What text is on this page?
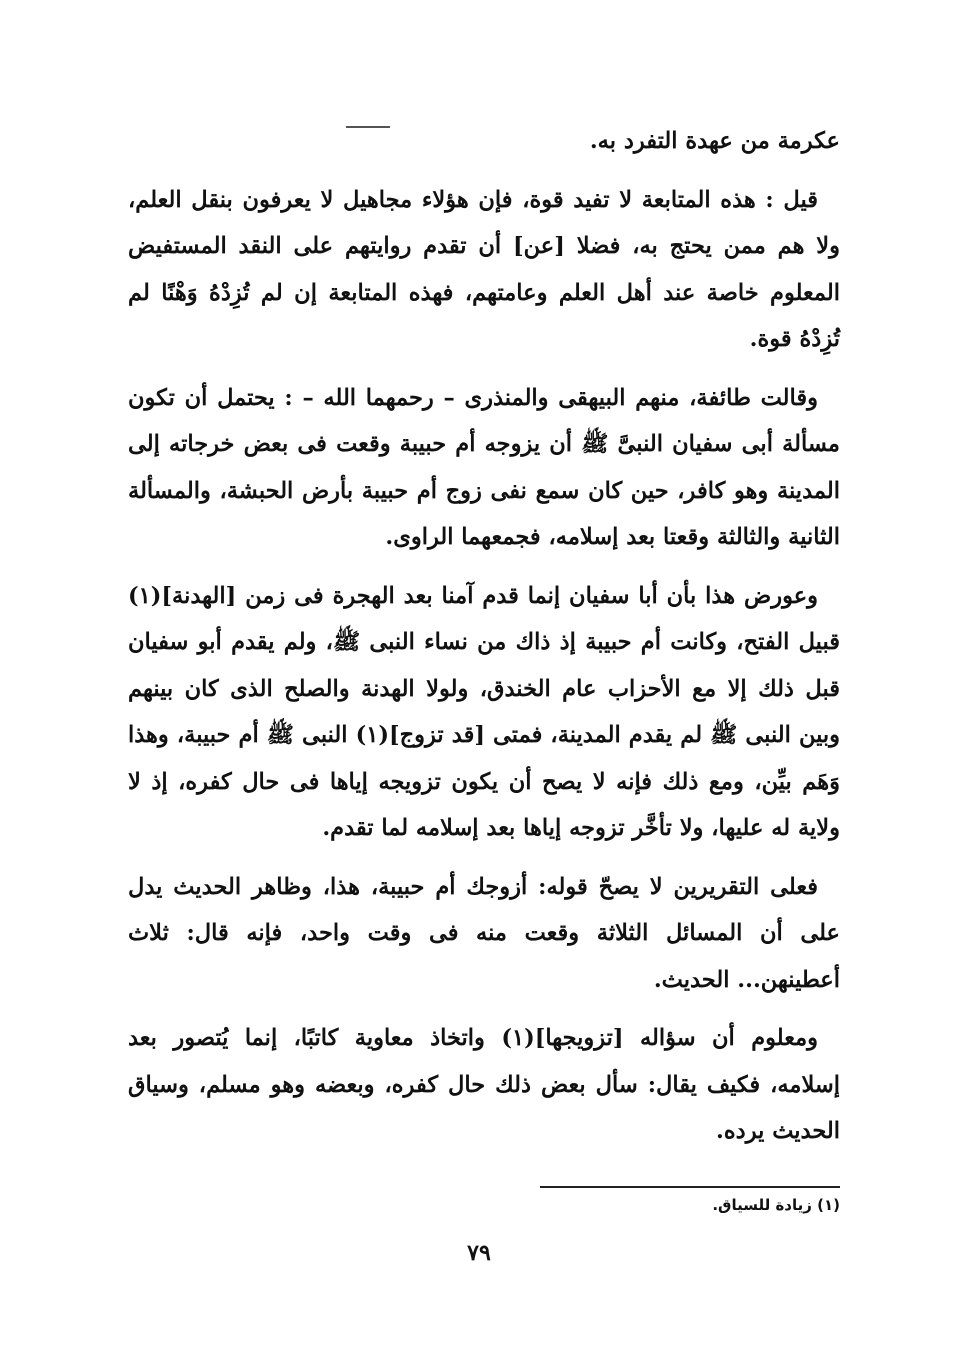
عكرمة من عهدة التفرد به.

قيل : هذه المتابعة لا تفيد قوة، فإن هؤلاء مجاهيل لا يعرفون بنقل العلم، ولا هم ممن يحتج به، فضلا [عن] أن تقدم روايتهم على النقد المستفيض المعلوم خاصة عند أهل العلم وعامتهم، فهذه المتابعة إن لم تُزِدْهُ وَهْنًا لم تُزِدْهُ قوة.

وقالت طائفة، منهم البيهقى والمنذرى – رحمهما الله – : يحتمل أن تكون مسألة أبى سفيان النبىَّ ﷺ أن يزوجه أم حبيبة وقعت فى بعض خرجاته إلى المدينة وهو كافر، حين كان سمع نفى زوج أم حبيبة بأرض الحبشة، والمسألة الثانية والثالثة وقعتا بعد إسلامه، فجمعهما الراوى.

وعورض هذا بأن أبا سفيان إنما قدم آمنا بعد الهجرة فى زمن [الهدنة](١) قبيل الفتح، وكانت أم حبيبة إذ ذاك من نساء النبى ﷺ، ولم يقدم أبو سفيان قبل ذلك إلا مع الأحزاب عام الخندق، ولولا الهدنة والصلح الذى كان بينهم وبين النبى ﷺ لم يقدم المدينة، فمتى [قد تزوج](١) النبى ﷺ أم حبيبة، وهذا وَهَم بيِّن، ومع ذلك فإنه لا يصح أن يكون تزويجه إياها فى حال كفره، إذ لا ولاية له عليها، ولا تأخَّر تزوجه إياها بعد إسلامه لما تقدم.

فعلى التقريرين لا يصحّ قوله: أزوجك أم حبيبة، هذا، وظاهر الحديث يدل على أن المسائل الثلاثة وقعت منه فى وقت واحد، فإنه قال: ثلاث أعطينهن... الحديث.

ومعلوم أن سؤاله [تزويجها](١) واتخاذ معاوية كاتبًا، إنما يُتصور بعد إسلامه، فكيف يقال: سأل بعض ذلك حال كفره، وبعضه وهو مسلم، وسياق الحديث يرده.

(١) زيادة للسياق.
٧٩
